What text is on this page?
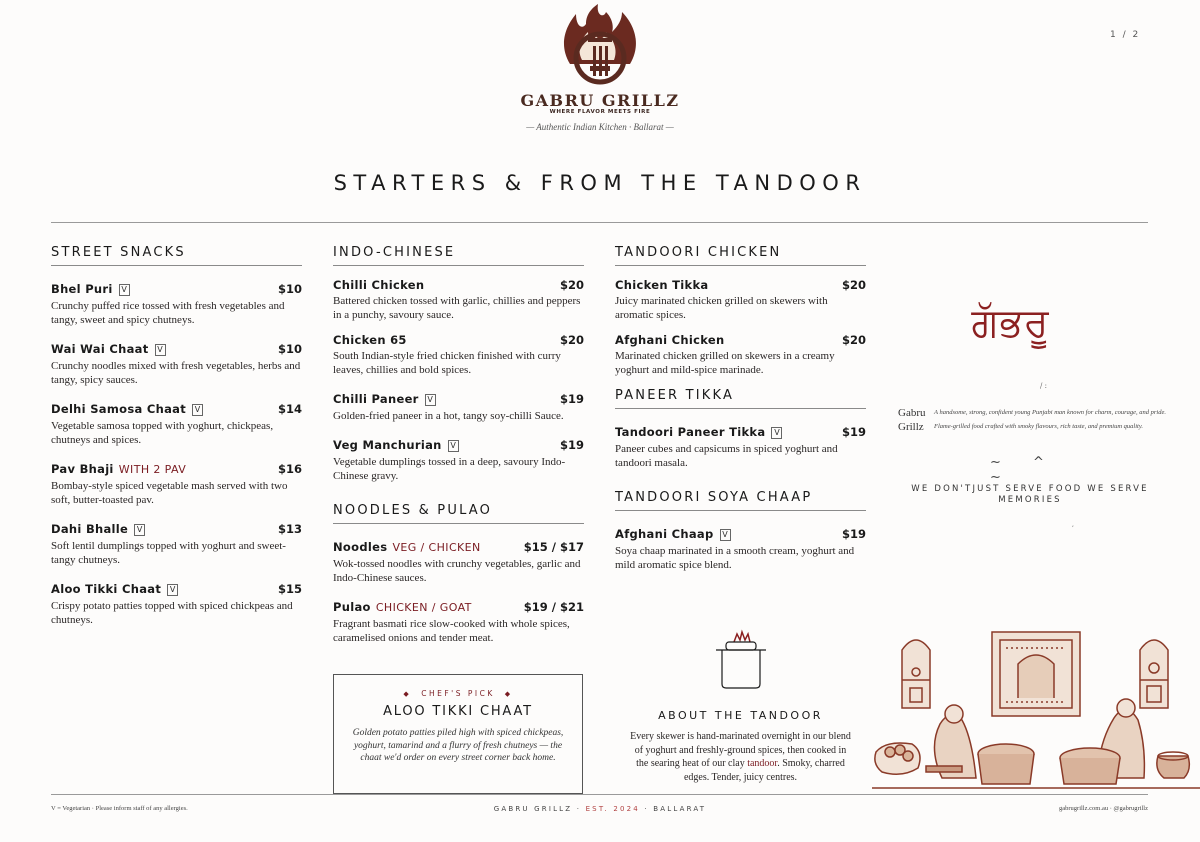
1 / 2
GABRU GRILLZ
WHERE FLAVOR MEETS FIRE
— Authentic Indian Kitchen · Ballarat —
STARTERS & FROM THE TANDOOR
STREET SNACKS
Bhel Puri V	$10
Crunchy puffed rice tossed with fresh vegetables and tangy, sweet and spicy chutneys.
Wai Wai Chaat V	$10
Crunchy noodles mixed with fresh vegetables, herbs and tangy, spicy sauces.
Delhi Samosa Chaat V	$14
Vegetable samosa topped with yoghurt, chickpeas, chutneys and spices.
Pav Bhaji WITH 2 PAV	$16
Bombay-style spiced vegetable mash served with two soft, butter-toasted pav.
Dahi Bhalle V	$13
Soft lentil dumplings topped with yoghurt and sweet-tangy chutneys.
Aloo Tikki Chaat V	$15
Crispy potato patties topped with spiced chickpeas and chutneys.
INDO-CHINESE
Chilli Chicken	$20
Battered chicken tossed with garlic, chillies and peppers in a punchy, savoury sauce.
Chicken 65	$20
South Indian-style fried chicken finished with curry leaves, chillies and bold spices.
Chilli Paneer V	$19
Golden-fried paneer in a hot, tangy soy-chilli Sauce.
Veg Manchurian V	$19
Vegetable dumplings tossed in a deep, savoury Indo-Chinese gravy.
NOODLES & PULAO
Noodles VEG / CHICKEN	$15 / $17
Wok-tossed noodles with crunchy vegetables, garlic and Indo-Chinese sauces.
Pulao CHICKEN / GOAT	$19 / $21
Fragrant basmati rice slow-cooked with whole spices, caramelised onions and tender meat.
TANDOORI CHICKEN
Chicken Tikka	$20
Juicy marinated chicken grilled on skewers with aromatic spices.
Afghani Chicken	$20
Marinated chicken grilled on skewers in a creamy yoghurt and mild-spice marinade.
PANEER TIKKA
Tandoori Paneer Tikka V	$19
Paneer cubes and capsicums in spiced yoghurt and tandoori masala.
TANDOORI SOYA CHAAP
Afghani Chaap V	$19
Soya chaap marinated in a smooth cream, yoghurt and mild aromatic spice blend.
◆ CHEF'S PICK ◆
ALOO TIKKI CHAAT
Golden potato patties piled high with spiced chickpeas, yoghurt, tamarind and a flurry of fresh chutneys — the chaat we'd order on every street corner back home.
ABOUT THE TANDOOR
Every skewer is hand-marinated overnight in our blend of yoghurt and freshly-ground spices, then cooked in the searing heat of our clay tandoor. Smoky, charred edges. Tender, juicy centres.
ਗੱਭਰੂ
/ :
Gabru Grillz
A handsome, strong, confident young Punjabi man known for charm, courage, and pride.
Flame-grilled food crafted with smoky flavours, rich taste, and premium quality.
~ ^ ~
WE DON'TJUST SERVE FOOD WE SERVE MEMORIES
,
V = Vegetarian · Please inform staff of any allergies.	GABRU GRILLZ · EST. 2024 · BALLARAT	gabrugrillz.com.au · @gabrugrillz
